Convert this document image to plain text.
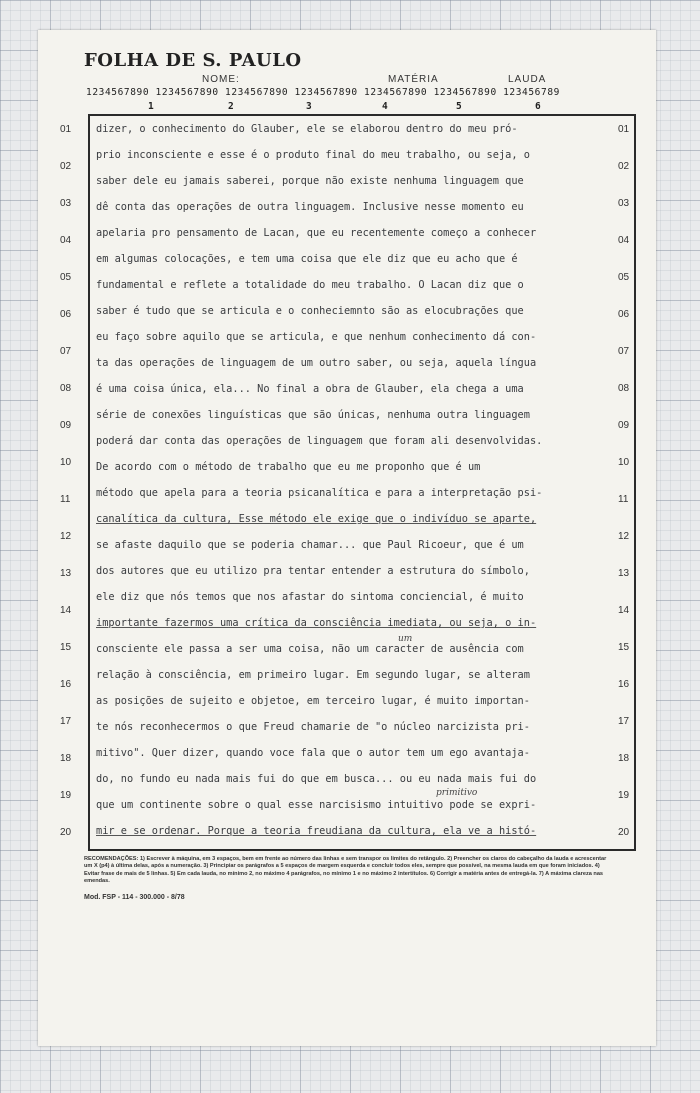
FOLHA DE S. PAULO
NOME:	MATÉRIA	LAUDA
1234567890 1234567890 1234567890 1234567890 1234567890 1234567890 123456789
1	2	3	4	5	6
01
02
03
04
05
06
07
08
09
10
11
12
13
14
15
16
17
18
19
20
01
02
03
04
05
06
07
08
09
10
11
12
13
14
15
16
17
18
19
20
dizer, o conhecimento do Glauber, ele se elaborou dentro do meu pró-
prio inconsciente e esse é o produto final do meu trabalho, ou seja, o
saber dele eu jamais saberei, porque não existe nenhuma linguagem que
dê conta das operações de outra linguagem. Inclusive nesse momento eu
apelaria pro pensamento de Lacan, que eu recentemente começo a conhecer
em algumas colocações, e tem uma coisa que ele diz que eu acho que é
fundamental e reflete a totalidade do meu trabalho. O Lacan diz que o
saber é tudo que se articula e o conheciemnto são as elocubrações que
eu faço sobre aquilo que se articula, e que nenhum conhecimento dá con-
ta das operações de linguagem de um outro saber, ou seja, aquela língua
é uma coisa única, ela... No final a obra de Glauber, ela chega a uma
série de conexões linguísticas que são únicas, nenhuma outra linguagem
poderá dar conta das operações de linguagem que foram ali desenvolvidas.
De acordo com o método de trabalho que eu me proponho que é um
método que apela para a teoria psicanalítica e para a interpretação psi-
canalítica da cultura, Esse método ele exige que o indivíduo se aparte,
se afaste daquilo que se poderia chamar... que Paul Ricoeur, que é um
dos autores que eu utilizo pra tentar entender a estrutura do símbolo,
ele diz que nós temos que nos afastar do sintoma conciencial, é muito
importante fazermos uma crítica da consciência imediata, ou seja, o in-
consciente ele passa a ser uma coisa, não um caracter de ausência com
relação à consciência, em primeiro lugar. Em segundo lugar, se alteram
as posições de sujeito e objetoe, em terceiro lugar, é muito importan-
te nós reconhecermos o que Freud chamarie de "o núcleo narcizista pri-
mitivo". Quer dizer, quando voce fala que o autor tem um ego avantaja-
do, no fundo eu nada mais fui do que em busca... ou eu nada mais fui do
que um continente sobre o qual esse narcisismo intuitivo pode se expri-
mir e se ordenar. Porque a teoria freudiana da cultura, ela ve a histó-
um
primitivo
RECOMENDAÇÕES: 1) Escrever à máquina, em 3 espaços, bem em frente ao número das linhas e sem transpor os limites do retângulo. 2) Preencher os claros do cabeçalho da lauda e acrescentar um X (p4) à última delas, após a numeração. 3) Principiar os parágrafos a 5 espaços de margem esquerda e concluir todos eles, sempre que possível, na mesma lauda em que foram iniciados. 4) Evitar frase de mais de 5 linhas. 5) Em cada lauda, no mínimo 2, no máximo 4 parágrafos, no mínimo 1 e no máximo 2 intertítulos. 6) Corrigir a matéria antes de entregá-la. 7) A máxima clareza nas emendas.
Mod. FSP - 114 - 300.000 - 8/78
